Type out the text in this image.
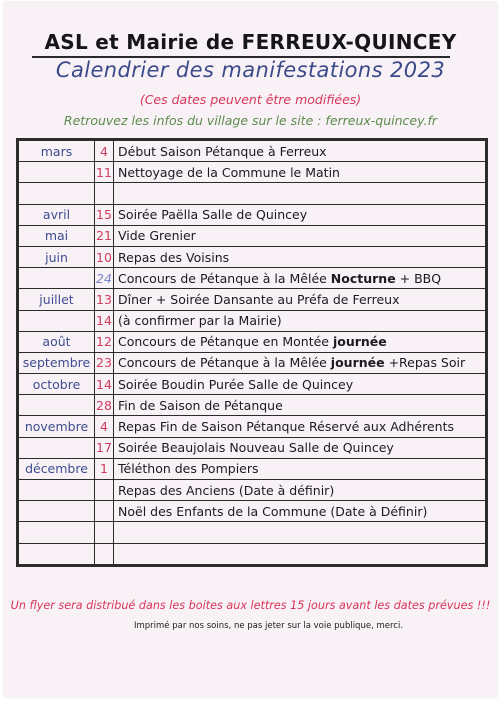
ASL et Mairie de FERREUX-QUINCEY
Calendrier des manifestations 2023
(Ces dates peuvent être modifiées)
Retrouvez les infos du village sur le site : ferreux-quincey.fr
mars	4	Début Saison Pétanque à Ferreux
	11	Nettoyage de la Commune le Matin

avril	15	Soirée Paëlla Salle de Quincey
mai	21	Vide Grenier
juin	10	Repas des Voisins
	24	Concours de Pétanque à la Mêlée Nocturne + BBQ
juillet	13	Dîner + Soirée Dansante au Préfa de Ferreux
	14	(à confirmer par la Mairie)
août	12	Concours de Pétanque en Montée journée
septembre	23	Concours de Pétanque à la Mêlée journée +Repas Soir
octobre	14	Soirée Boudin Purée Salle de Quincey
	28	Fin de Saison de Pétanque
novembre	4	Repas Fin de Saison Pétanque Réservé aux Adhérents
	17	Soirée Beaujolais Nouveau Salle de Quincey
décembre	1	Téléthon des Pompiers
		Repas des Anciens (Date à définir)
		Noël des Enfants de la Commune (Date à Définir)

Un flyer sera distribué dans les boites aux lettres 15 jours avant les dates prévues !!!
Imprimé par nos soins, ne pas jeter sur la voie publique, merci.
